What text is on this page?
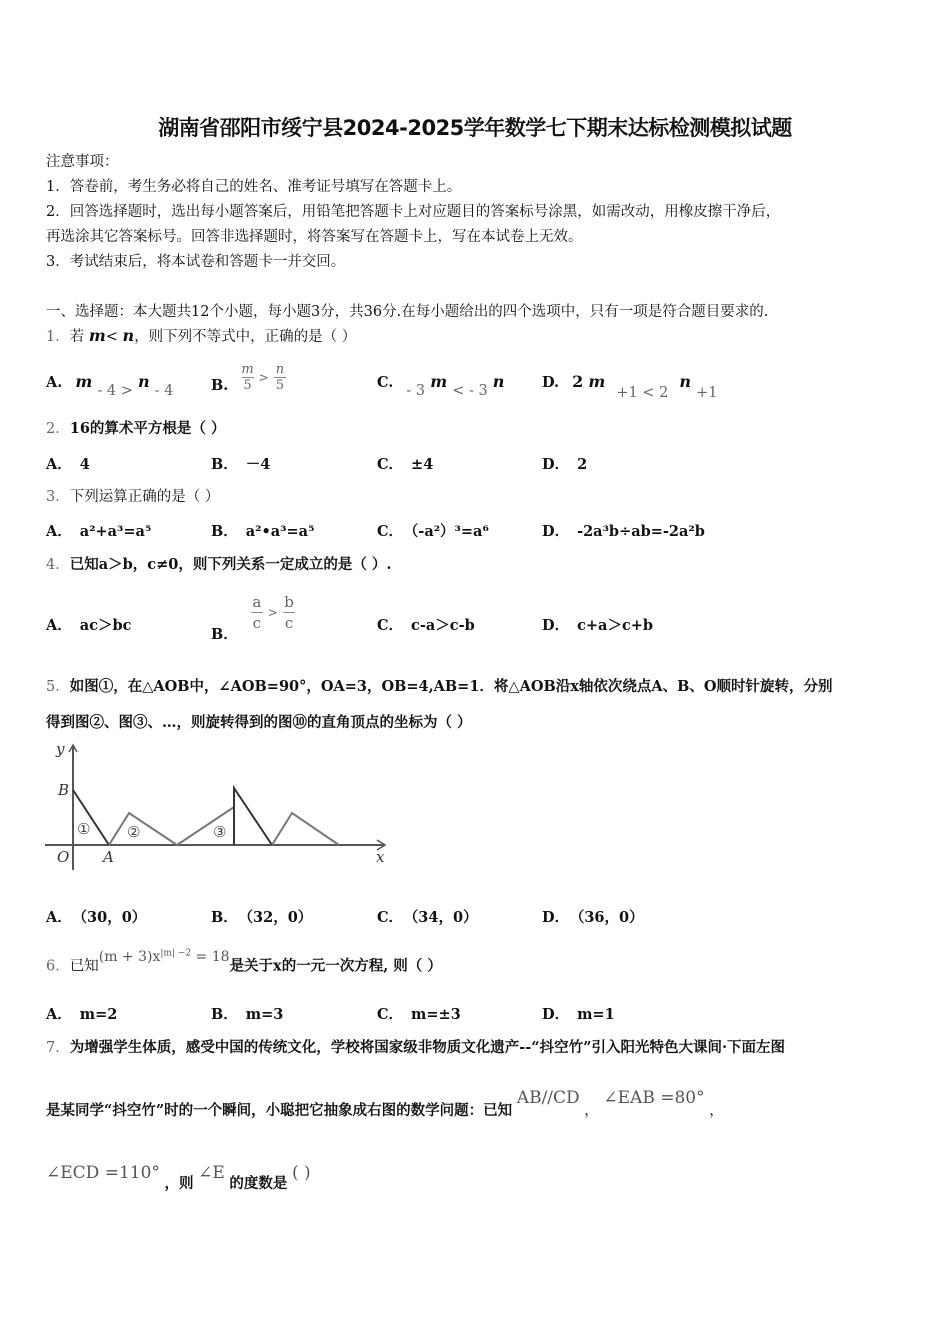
湖南省邵阳市绥宁县2024-2025学年数学七下期末达标检测模拟试题
注意事项：
1．答卷前，考生务必将自己的姓名、准考证号填写在答题卡上。
2．回答选择题时，选出每小题答案后，用铅笔把答题卡上对应题目的答案标号涂黑，如需改动，用橡皮擦干净后，
再选涂其它答案标号。回答非选择题时，将答案写在答题卡上，写在本试卷上无效。
3．考试结束后，将本试卷和答题卡一并交回。
一、选择题：本大题共12个小题，每小题3分，共36分.在每小题给出的四个选项中，只有一项是符合题目要求的.
1．若 m< n，则下列不等式中，正确的是（ ）
A. m - 4 > n - 4	B. $\frac{m}{5} > \frac{n}{5}$	C. - 3 m < - 3 n	D. 2 m +1 < 2 n +1
2．16的算术平方根是（ ）
A． 4	B． －4	C． ±4	D． 2
3．下列运算正确的是（ ）
A． a²+a³=a⁵	B． a²•a³=a⁵	C． （-a²）³=a⁶	D． -2a³b÷ab=-2a²b
4．已知a＞b，c≠0，则下列关系一定成立的是（ ）.
A． ac＞bc	B．
$\frac{a}{c} > \frac{b}{c}$	C． c-a＞c-b	D． c+a＞c+b
5．如图①，在△AOB中，∠AOB=90°，OA=3，OB=4,AB=1．将△AOB沿x轴依次绕点A、B、O顺时针旋转，分别
得到图②、图③、…，则旋转得到的图⑩的直角顶点的坐标为（ ）
y
B
O A	x
① ②	③
A． （30，0）	B． （32，0）	C． （34，0）	D． （36，0）
6．已知$(m + 3)x^{|m| -2} = 18$是关于x的一元一次方程, 则（ ）
A． m=2	B． m=3	C． m=±3	D． m=1
7．为增强学生体质，感受中国的传统文化，学校将国家级非物质文化遗产--“抖空竹”引入阳光特色大课间·下面左图
是某同学“抖空竹”时的一个瞬间，小聪把它抽象成右图的数学问题：已知 AB//CD ， ∠EAB =80° ，
∠ECD =110° ，则 ∠E 的度数是 ( )
